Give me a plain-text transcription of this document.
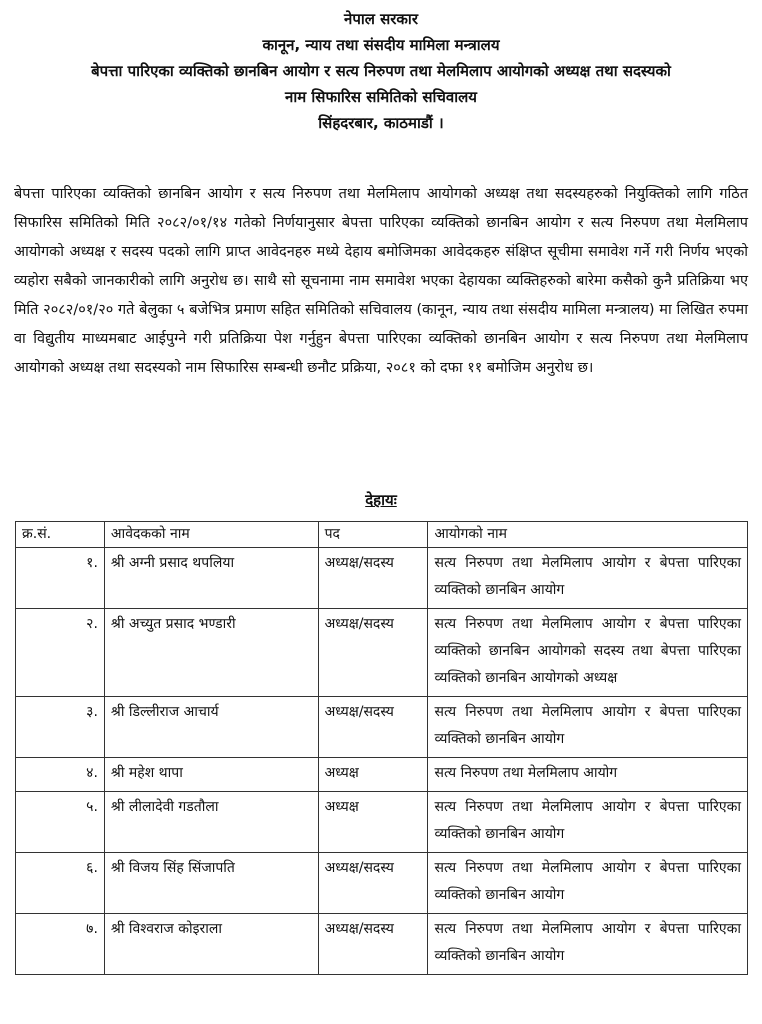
नेपाल सरकार
कानून, न्याय तथा संसदीय मामिला मन्त्रालय
बेपत्ता पारिएका व्यक्तिको छानबिन आयोग र सत्य निरुपण तथा मेलमिलाप आयोगको अध्यक्ष तथा सदस्यको
नाम सिफारिस समितिको सचिवालय
सिंहदरबार, काठमाडौं ।
बेपत्ता पारिएका व्यक्तिको छानबिन आयोग र सत्य निरुपण तथा मेलमिलाप आयोगको अध्यक्ष तथा सदस्यहरुको नियुक्तिको लागि गठित सिफारिस समितिको मिति २०८२/०१/१४ गतेको निर्णयानुसार बेपत्ता पारिएका व्यक्तिको छानबिन आयोग र सत्य निरुपण तथा मेलमिलाप आयोगको अध्यक्ष र सदस्य पदको लागि प्राप्त आवेदनहरु मध्ये देहाय बमोजिमका आवेदकहरु संक्षिप्त सूचीमा समावेश गर्ने गरी निर्णय भएको व्यहोरा सबैको जानकारीको लागि अनुरोध छ। साथै सो सूचनामा नाम समावेश भएका देहायका व्यक्तिहरुको बारेमा कसैको कुनै प्रतिक्रिया भए मिति २०८२/०१/२० गते बेलुका ५ बजेभित्र प्रमाण सहित समितिको सचिवालय (कानून, न्याय तथा संसदीय मामिला मन्त्रालय) मा लिखित रुपमा वा विद्युतीय माध्यमबाट आईपुग्ने गरी प्रतिक्रिया पेश गर्नुहुन बेपत्ता पारिएका व्यक्तिको छानबिन आयोग र सत्य निरुपण तथा मेलमिलाप आयोगको अध्यक्ष तथा सदस्यको नाम सिफारिस सम्बन्धी छनौट प्रक्रिया, २०८१ को दफा ११ बमोजिम अनुरोध छ।
देहायः
क्र.सं.	आवेदकको नाम	पद	आयोगको नाम
१.	श्री अग्नी प्रसाद थपलिया	अध्यक्ष/सदस्य	सत्य निरुपण तथा मेलमिलाप आयोग र बेपत्ता पारिएका व्यक्तिको छानबिन आयोग
२.	श्री अच्युत प्रसाद भण्डारी	अध्यक्ष/सदस्य	सत्य निरुपण तथा मेलमिलाप आयोग र बेपत्ता पारिएका व्यक्तिको छानबिन आयोगको सदस्य तथा बेपत्ता पारिएका व्यक्तिको छानबिन आयोगको अध्यक्ष
३.	श्री डिल्लीराज आचार्य	अध्यक्ष/सदस्य	सत्य निरुपण तथा मेलमिलाप आयोग र बेपत्ता पारिएका व्यक्तिको छानबिन आयोग
४.	श्री महेश थापा	अध्यक्ष	सत्य निरुपण तथा मेलमिलाप आयोग
५.	श्री लीलादेवी गडतौला	अध्यक्ष	सत्य निरुपण तथा मेलमिलाप आयोग र बेपत्ता पारिएका व्यक्तिको छानबिन आयोग
६.	श्री विजय सिंह सिंजापति	अध्यक्ष/सदस्य	सत्य निरुपण तथा मेलमिलाप आयोग र बेपत्ता पारिएका व्यक्तिको छानबिन आयोग
७.	श्री विश्वराज कोइराला	अध्यक्ष/सदस्य	सत्य निरुपण तथा मेलमिलाप आयोग र बेपत्ता पारिएका व्यक्तिको छानबिन आयोग
